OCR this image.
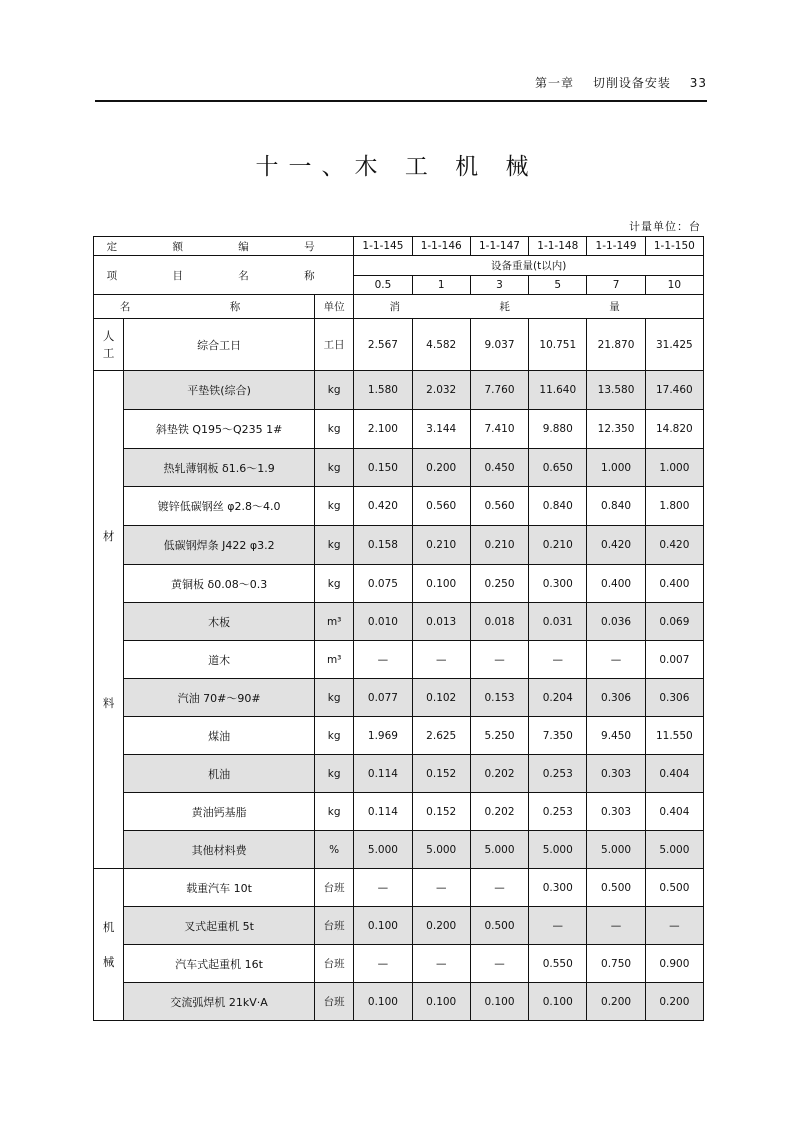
第一章 切削设备安装 33
十一、木 工 机 械
计量单位：台
定 额 编 号			1-1-145	1-1-146	1-1-147	1-1-148	1-1-149	1-1-150
项 目 名 称			设备重量(t以内)					
			0.5	1	3	5	7	10
名 称		单位	消 耗 量					

人
工	综合工日	工日	2.567	4.582	9.037	10.751	21.870	31.425

材
料	平垫铁(综合)	kg	1.580	2.032	7.760	11.640	13.580	17.460
	斜垫铁 Q195～Q235 1#	kg	2.100	3.144	7.410	9.880	12.350	14.820
	热轧薄钢板 δ1.6～1.9	kg	0.150	0.200	0.450	0.650	1.000	1.000
	镀锌低碳钢丝 φ2.8～4.0	kg	0.420	0.560	0.560	0.840	0.840	1.800
	低碳钢焊条 J422 φ3.2	kg	0.158	0.210	0.210	0.210	0.420	0.420
	黄铜板 δ0.08～0.3	kg	0.075	0.100	0.250	0.300	0.400	0.400
	木板	m³	0.010	0.013	0.018	0.031	0.036	0.069
	道木	m³	—	—	—	—	—	0.007
	汽油 70#～90#	kg	0.077	0.102	0.153	0.204	0.306	0.306
	煤油	kg	1.969	2.625	5.250	7.350	9.450	11.550
	机油	kg	0.114	0.152	0.202	0.253	0.303	0.404
	黄油钙基脂	kg	0.114	0.152	0.202	0.253	0.303	0.404
	其他材料费	%	5.000	5.000	5.000	5.000	5.000	5.000

机
械	载重汽车 10t	台班	—	—	—	0.300	0.500	0.500
	叉式起重机 5t	台班	0.100	0.200	0.500	—	—	—
	汽车式起重机 16t	台班	—	—	—	0.550	0.750	0.900
	交流弧焊机 21kV·A	台班	0.100	0.100	0.100	0.100	0.200	0.200
